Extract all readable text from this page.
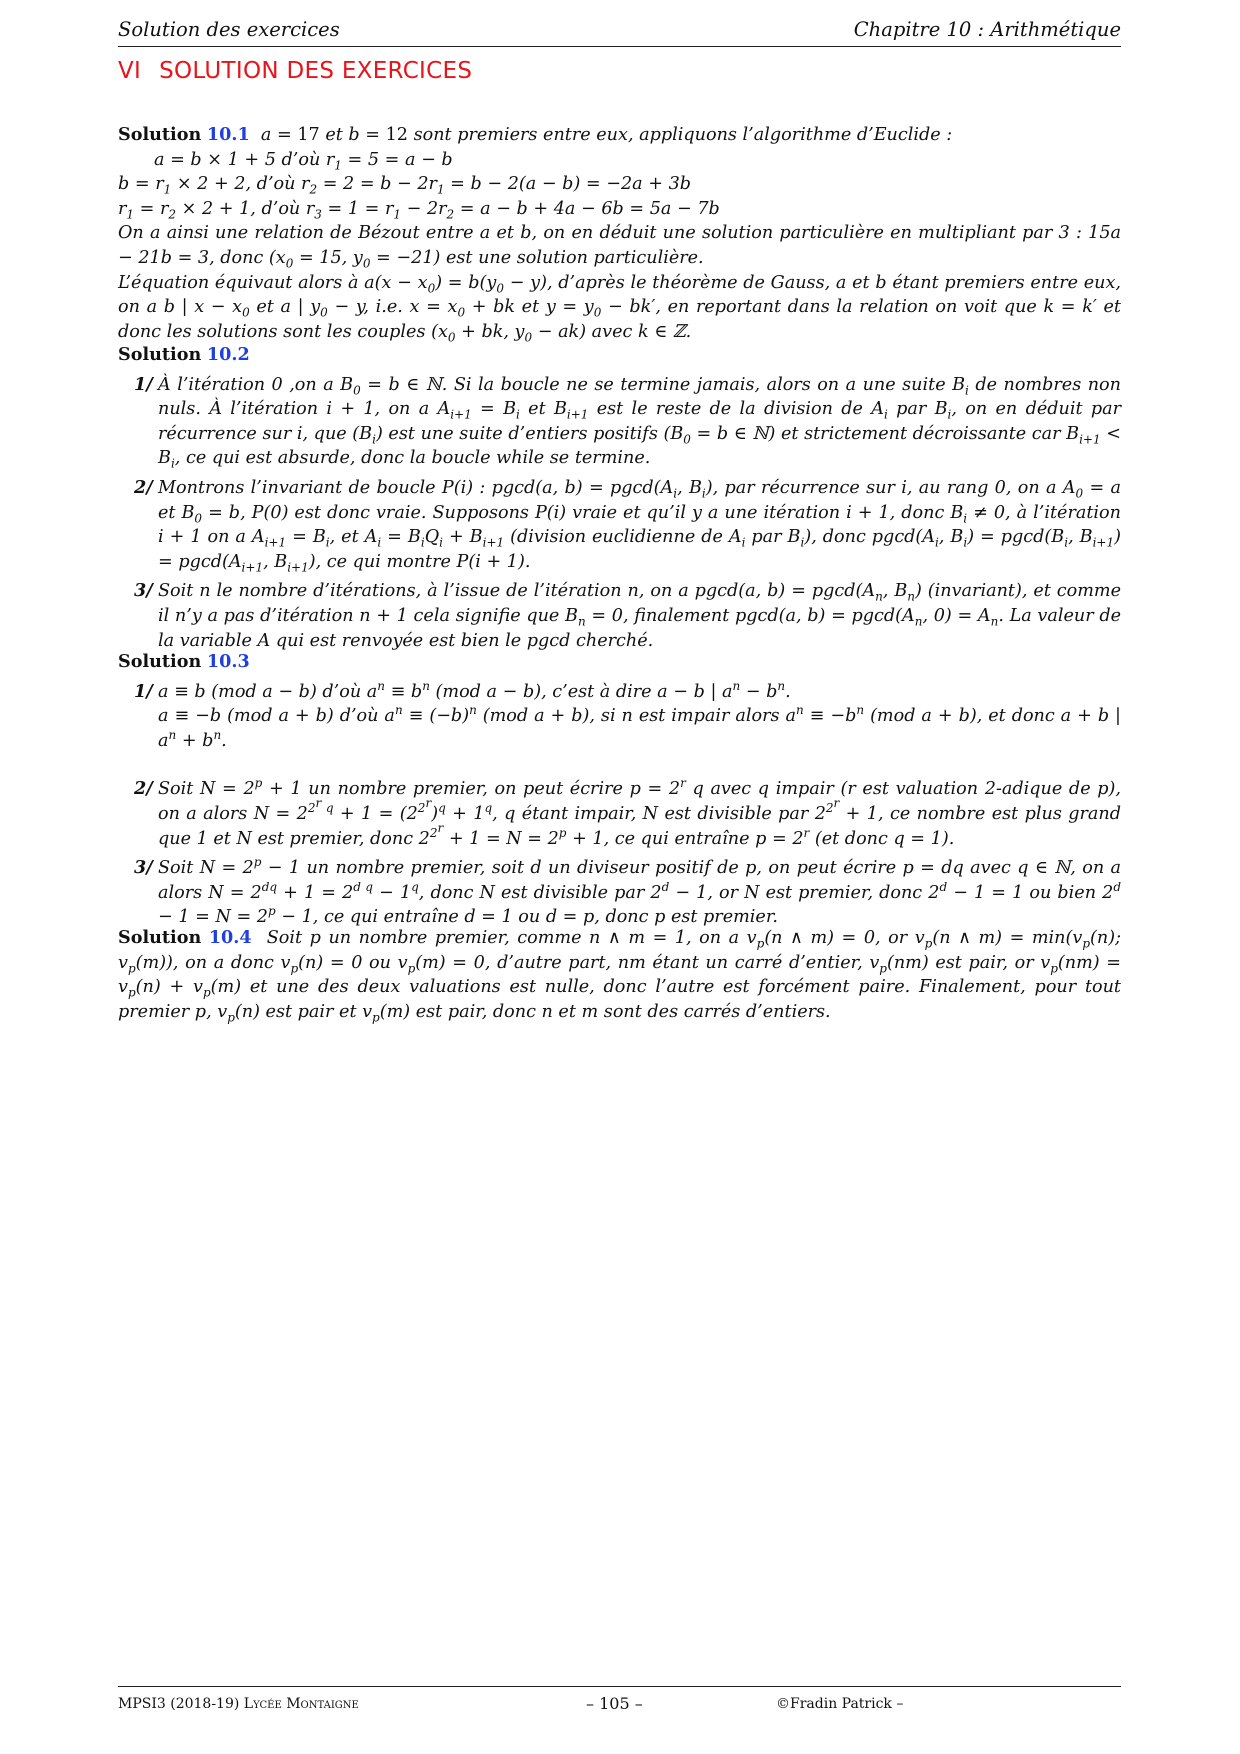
Solution des exercices	Chapitre 10 : Arithmétique
VI SOLUTION DES EXERCICES
Solution 10.1 a = 17 et b = 12 sont premiers entre eux, appliquons l’algorithme d’Euclide :
a = b × 1 + 5 d’où $r_1 = 5 = a - b$
$b = r_1 \times 2 + 2$, d’où $r_2 = 2 = b - 2r_1 = b - 2(a - b) = -2a + 3b$
$r_1 = r_2 \times 2 + 1$, d’où $r_3 = 1 = r_1 - 2r_2 = a - b + 4a - 6b = 5a - 7b$
On a ainsi une relation de Bézout entre a et b, on en déduit une solution particulière en multipliant par 3 : 15a − 21b = 3, donc ($x_0 = 15$, $y_0 = -21$) est une solution particulière.
L’équation équivaut alors à $a(x - x_0) = b(y_0 - y)$, d’après le théorème de Gauss, a et b étant premiers entre eux, on a b | $x - x_0$ et a | $y_0 - y$, i.e. $x = x_0$ + bk et $y = y_0 - bk'$, en reportant dans la relation on voit que k = k′ et donc les solutions sont les couples ($x_0$ + bk, $y_0 - ak$) avec k ∈ ℤ.
Solution 10.2
1/ À l’itération 0 ,on a $B_0 = b$ ∈ ℕ. Si la boucle ne se termine jamais, alors on a une suite $B_i$ de nombres non nuls. À l’itération i + 1, on a $A_{i+1} = B_i$ et $B_{i+1}$ est le reste de la division de $A_i$ par $B_i$, on en déduit par récurrence sur i, que $(B_i)$ est une suite d’entiers positifs ($B_0 = b$ ∈ ℕ) et strictement décroissante car $B_{i+1} < B_i$, ce qui est absurde, donc la boucle while se termine.
2/ Montrons l’invariant de boucle P(i) : pgcd(a, $b) = pgcd(A_i$, $B_i$), par récurrence sur i, au rang 0, on a $A_0 = a$ et $B_0 = b$, P(0) est donc vraie. Supposons P(i) vraie et qu’il y a une itération i + 1, donc $B_i \ne 0$, à l’itération i + 1 on a $A_{i+1} = B_i$, et $A_i = B_iQ_i + B_{i+1}$ (division euclidienne de $A_i$ par $B_i$), donc $pgcd(A_i$, $B_i) = pgcd(B_i$, $B_{i+1}) = pgcd(A_{i+1}$, $B_{i+1}$), ce qui montre P(i + 1).
3/ Soit n le nombre d’itérations, à l’issue de l’itération n, on a pgcd(a, $b) = pgcd(A_n$, $B_n$) (invariant), et comme il n’y a pas d’itération n + 1 cela signifie que $B_n = 0$, finalement pgcd(a, $b) = pgcd(A_n$, $0) = A_n$. La valeur de la variable A qui est renvoyée est bien le pgcd cherché.
Solution 10.3
1/ a ≡ b (mod a − b) d’où $a^n \equiv b^n$ (mod a − b), c’est à dire a − b | $a^n - b^n$.
a ≡ −b (mod a + b) d’où $a^n \equiv (-b)^n$ (mod a + b), si n est impair alors $a^n \equiv -b^n$ (mod a + b), et donc a + b | $a^n + b^n$.
2/ Soit $N = 2^p + 1$ un nombre premier, on peut écrire $p = 2^r$ q avec q impair (r est valuation 2-adique de p), on a alors $N = 2^{2^r q} + 1 = (2^{2^r})^q + 1^q$, q étant impair, N est divisible par $2^{2^r} + 1$, ce nombre est plus grand que 1 et N est premier, donc $2^{2^r} + 1 = N = 2^p + 1$, ce qui entraîne $p = 2^r$ (et donc q = 1).
3/ Soit $N = 2^p - 1$ un nombre premier, soit d un diviseur positif de p, on peut écrire p = dq avec q ∈ ℕ, on a alors $N = 2^{dq} + 1 = 2^{d q} - 1^q$, donc N est divisible par $2^d - 1$, or N est premier, donc $2^d - 1 = 1$ ou bien $2^d - 1 = N = 2^p - 1$, ce qui entraîne d = 1 ou d = p, donc p est premier.
Solution 10.4  Soit p un nombre premier, comme n ∧ m = 1, on a $v_p(n$ ∧ m) = 0, or $v_p(n$ ∧ $m) = \min(v_p(n)$; $v_p(m)$), on a donc $v_p(n) = 0$ ou $v_p(m) = 0$, d’autre part, nm étant un carré d’entier, $v_p(nm)$ est pair, or $v_p(nm) = v_p(n) + v_p(m)$ et une des deux valuations est nulle, donc l’autre est forcément paire. Finalement, pour tout premier p, $v_p(n)$ est pair et $v_p(m)$ est pair, donc n et m sont des carrés d’entiers.
MPSI3 (2018-19) Lycée Montaigne	– 105 –	©Fradin Patrick –
